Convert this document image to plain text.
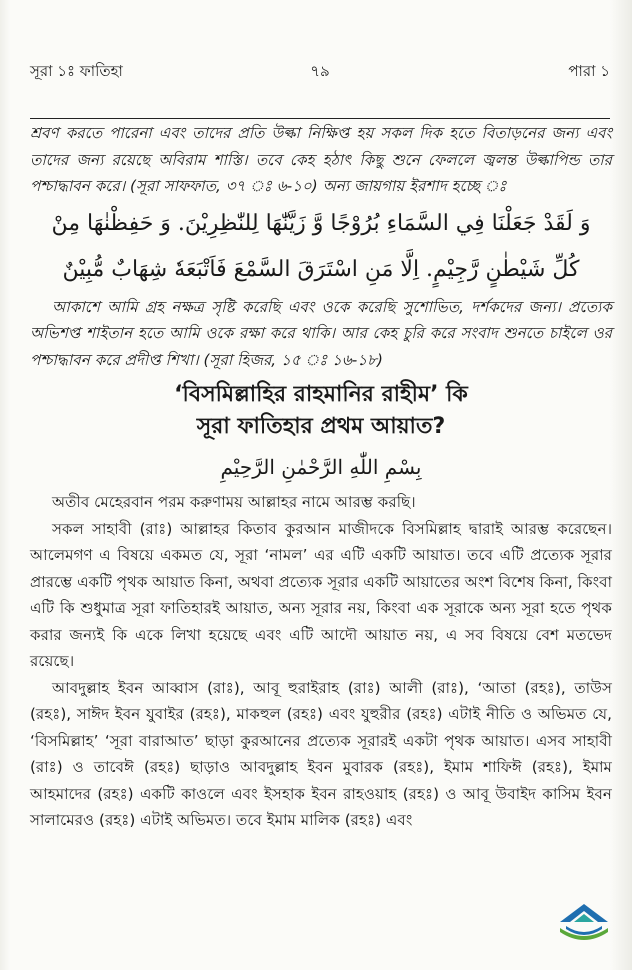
সূরা ১ঃ ফাতিহা	৭৯	পারা ১

শ্রবণ করতে পারেনা এবং তাদের প্রতি উল্কা নিক্ষিপ্ত হয় সকল দিক হতে বিতাড়নের জন্য এবং তাদের জন্য রয়েছে অবিরাম শাস্তি। তবে কেহ হঠাৎ কিছু শুনে ফেললে জ্বলন্ত উল্কাপিন্ড তার পশ্চাদ্ধাবন করে। (সূরা সাফফাত, ৩৭ ঃ ৬-১০) অন্য জায়গায় ইরশাদ হচ্ছে ঃ

وَ لَقَدْ جَعَلْنَا فِي السَّمَاءِ بُرُوْجًا وَّ زَيَّنّٰهَا لِلنّٰظِرِيْنَ. وَ حَفِظْنٰهَا مِنْ

كُلِّ شَيْطٰنٍ رَّجِيْمٍ. اِلَّا مَنِ اسْتَرَقَ السَّمْعَ فَاَتْبَعَهٗ شِهَابٌ مُّبِيْنٌ

আকাশে আমি গ্রহ নক্ষত্র সৃষ্টি করেছি এবং ওকে করেছি সুশোভিত, দর্শকদের জন্য। প্রত্যেক অভিশপ্ত শাইতান হতে আমি ওকে রক্ষা করে থাকি। আর কেহ চুরি করে সংবাদ শুনতে চাইলে ওর পশ্চাদ্ধাবন করে প্রদীপ্ত শিখা। (সূরা হিজর, ১৫ ঃ ১৬-১৮)

‘বিসমিল্লাহির রাহমানির রাহীম’ কি
সূরা ফাতিহার প্রথম আয়াত?

بِسْمِ اللّٰهِ الرَّحْمٰنِ الرَّحِيْمِ

অতীব মেহেরবান পরম করুণাময় আল্লাহর নামে আরম্ভ করছি।

সকল সাহাবী (রাঃ) আল্লাহর কিতাব কুরআন মাজীদকে বিসমিল্লাহ দ্বারাই আরম্ভ করেছেন। আলেমগণ এ বিষয়ে একমত যে, সূরা ‘নামল’ এর এটি একটি আয়াত। তবে এটি প্রত্যেক সূরার প্রারম্ভে একটি পৃথক আয়াত কিনা, অথবা প্রত্যেক সূরার একটি আয়াতের অংশ বিশেষ কিনা, কিংবা এটি কি শুধুমাত্র সূরা ফাতিহারই আয়াত, অন্য সূরার নয়, কিংবা এক সূরাকে অন্য সূরা হতে পৃথক করার জন্যই কি একে লিখা হয়েছে এবং এটি আদৌ আয়াত নয়, এ সব বিষয়ে বেশ মতভেদ রয়েছে।

আবদুল্লাহ ইবন আব্বাস (রাঃ), আবূ হুরাইরাহ (রাঃ) আলী (রাঃ), ‘আতা (রহঃ), তাউস (রহঃ), সাঈদ ইবন যুবাইর (রহঃ), মাকহুল (রহঃ) এবং যুহুরীর (রহঃ) এটাই নীতি ও অভিমত যে, ‘বিসমিল্লাহ’ ‘সূরা বারাআত’ ছাড়া কুরআনের প্রত্যেক সূরারই একটা পৃথক আয়াত। এসব সাহাবী (রাঃ) ও তাবেঈ (রহঃ) ছাড়াও আবদুল্লাহ ইবন মুবারক (রহঃ), ইমাম শাফিঈ (রহঃ), ইমাম আহমাদের (রহঃ) একটি কাওলে এবং ইসহাক ইবন রাহওয়াহ (রহঃ) ও আবূ উবাইদ কাসিম ইবন সালামেরও (রহঃ) এটাই অভিমত। তবে ইমাম মালিক (রহঃ) এবং
